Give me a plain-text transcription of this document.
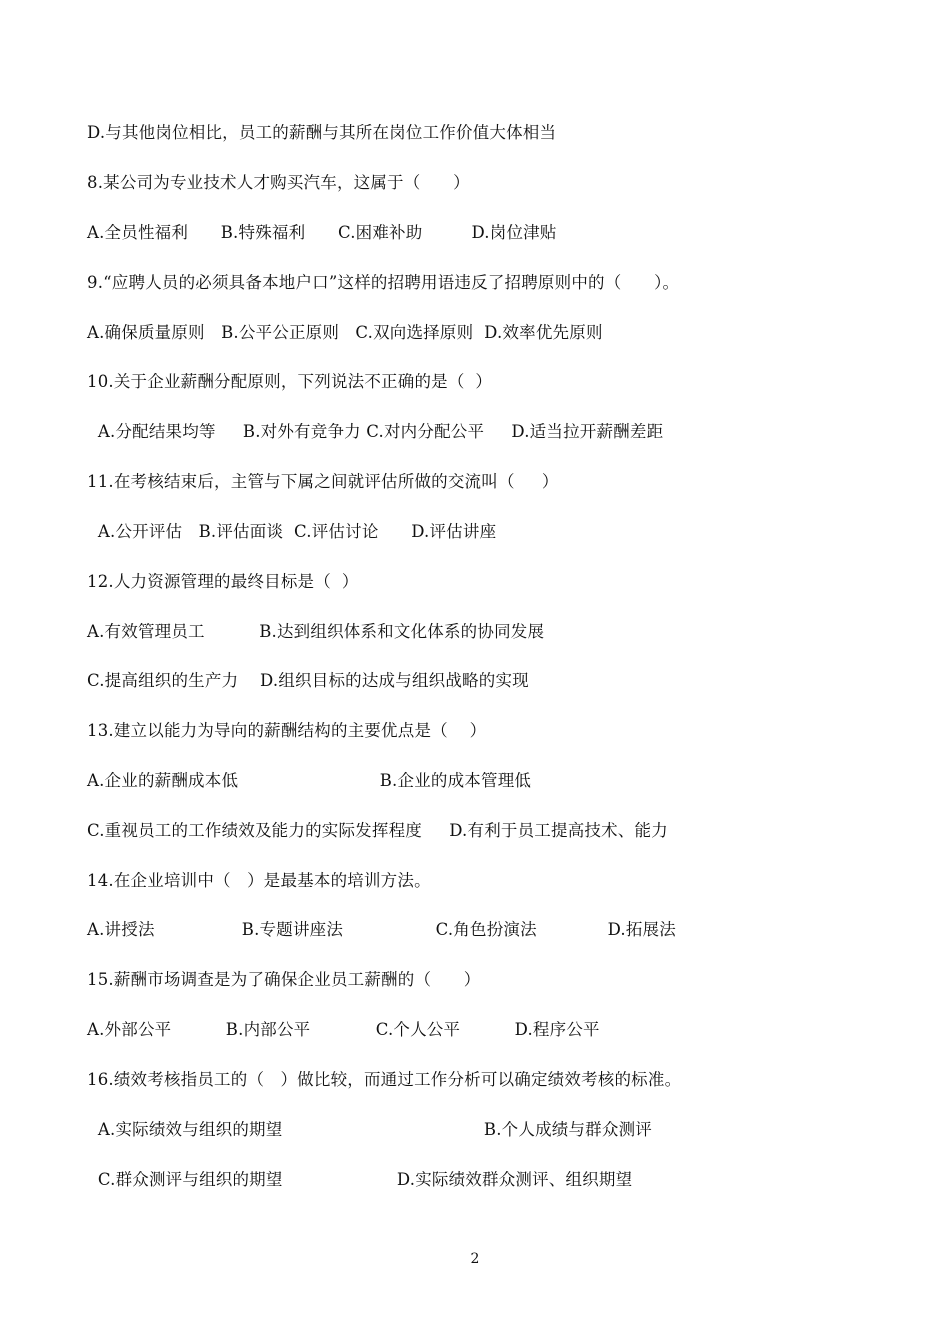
D.与其他岗位相比，员工的薪酬与其所在岗位工作价值大体相当
8.某公司为专业技术人才购买汽车，这属于（      ）
A.全员性福利      B.特殊福利      C.困难补助         D.岗位津贴
9.“应聘人员的必须具备本地户口”这样的招聘用语违反了招聘原则中的（      ）。
A.确保质量原则   B.公平公正原则   C.双向选择原则  D.效率优先原则
10.关于企业薪酬分配原则，下列说法不正确的是（  ）
A.分配结果均等     B.对外有竞争力 C.对内分配公平     D.适当拉开薪酬差距
11.在考核结束后，主管与下属之间就评估所做的交流叫（     ）
A.公开评估   B.评估面谈  C.评估讨论      D.评估讲座
12.人力资源管理的最终目标是（  ）
A.有效管理员工          B.达到组织体系和文化体系的协同发展
C.提高组织的生产力    D.组织目标的达成与组织战略的实现
13.建立以能力为导向的薪酬结构的主要优点是（    ）
A.企业的薪酬成本低                          B.企业的成本管理低
C.重视员工的工作绩效及能力的实际发挥程度     D.有利于员工提高技术、能力
14.在企业培训中（   ）是最基本的培训方法。
A.讲授法                B.专题讲座法                 C.角色扮演法             D.拓展法
15.薪酬市场调查是为了确保企业员工薪酬的（      ）
A.外部公平          B.内部公平            C.个人公平          D.程序公平
16.绩效考核指员工的（   ）做比较，而通过工作分析可以确定绩效考核的标准。
A.实际绩效与组织的期望                                     B.个人成绩与群众测评
C.群众测评与组织的期望                     D.实际绩效群众测评、组织期望
2
